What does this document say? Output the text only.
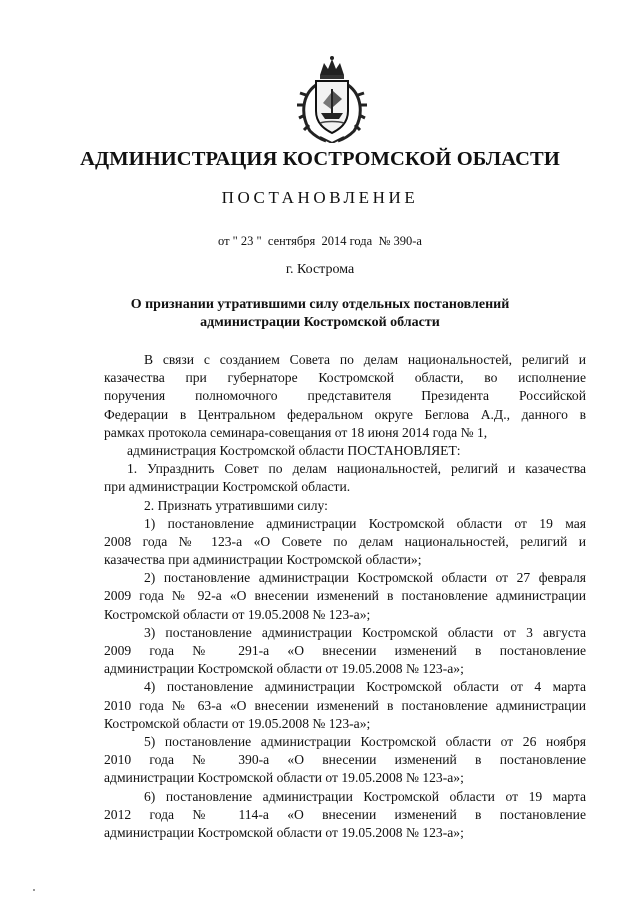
АДМИНИСТРАЦИЯ КОСТРОМСКОЙ ОБЛАСТИ
ПОСТАНОВЛЕНИЕ
от " 23 "  сентября  2014 года  № 390-а
г. Кострома
О признании утратившими силу отдельных постановлений
администрации Костромской области
В связи с созданием Совета по делам национальностей, религий и
казачества при губернаторе Костромской области, во исполнение
поручения полномочного представителя Президента Российской
Федерации в Центральном федеральном округе Беглова А.Д., данного в
рамках протокола семинара-совещания от 18 июня 2014 года № 1,
администрация Костромской области ПОСТАНОВЛЯЕТ:
1. Упразднить Совет по делам национальностей, религий и казачества
при администрации Костромской области.
2. Признать утратившими силу:
1) постановление администрации Костромской области от 19 мая
2008 года № 123-а «О Совете по делам национальностей, религий и
казачества при администрации Костромской области»;
2) постановление администрации Костромской области от 27 февраля
2009 года № 92-а «О внесении изменений в постановление администрации
Костромской области от 19.05.2008 № 123-а»;
3) постановление администрации Костромской области от 3 августа
2009 года № 291-а «О внесении изменений в постановление
администрации Костромской области от 19.05.2008 № 123-а»;
4) постановление администрации Костромской области от 4 марта
2010 года № 63-а «О внесении изменений в постановление администрации
Костромской области от 19.05.2008 № 123-а»;
5) постановление администрации Костромской области от 26 ноября
2010 года № 390-а «О внесении изменений в постановление
администрации Костромской области от 19.05.2008 № 123-а»;
6) постановление администрации Костромской области от 19 марта
2012 года № 114-а «О внесении изменений в постановление
администрации Костромской области от 19.05.2008 № 123-а»;
